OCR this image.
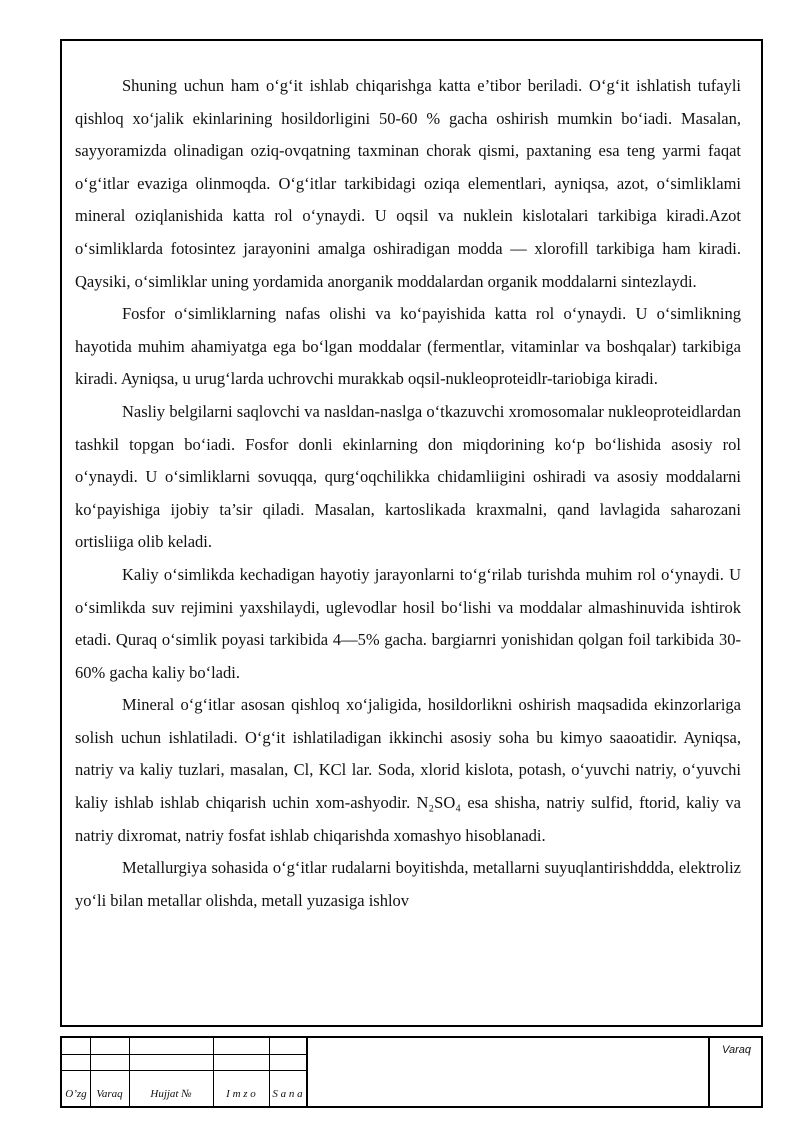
Shuning uchun ham o‘g‘it ishlab chiqarishga katta e’tibor beriladi. O‘g‘it ishlatish tufayli qishloq xo‘jalik ekinlarining hosildorligini 50-60 % gacha oshirish mumkin bo‘iadi. Masalan, sayyoramizda olinadigan oziq-ovqatning taxminan chorak qismi, paxtaning esa teng yarmi faqat o‘g‘itlar evaziga olinmoqda. O‘g‘itlar tarkibidagi oziqa elementlari, ayniqsa, azot, o‘simliklami mineral oziqlanishida katta rol o‘ynaydi. U oqsil va nuklein kislotalari tarkibiga kiradi.Azot o‘simliklarda fotosintez jarayonini amalga oshiradigan modda — xlorofill tarkibiga ham kiradi. Qaysiki, o‘simliklar uning yordamida anorganik moddalardan organik moddalarni sintezlaydi.

Fosfor o‘simliklarning nafas olishi va ko‘payishida katta rol o‘ynaydi. U o‘simlikning hayotida muhim ahamiyatga ega bo‘lgan moddalar (fermentlar, vitaminlar va boshqalar) tarkibiga kiradi. Ayniqsa, u urug‘larda uchrovchi murakkab oqsil-nukleoproteidlr-tariobiga kiradi.

Nasliy belgilarni saqlovchi va nasldan-naslga o‘tkazuvchi xromosomalar nukleoproteidlardan tashkil topgan bo‘iadi. Fosfor donli ekinlarning don miqdorining ko‘p bo‘lishida asosiy rol o‘ynaydi. U o‘simliklarni sovuqqa, qurg‘oqchilikka chidamliigini oshiradi va asosiy moddalarni ko‘payishiga ijobiy ta’sir qiladi. Masalan, kartoslikada kraxmalni, qand lavlagida saharozani ortisliiga olib keladi.

Kaliy o‘simlikda kechadigan hayotiy jarayonlarni to‘g‘rilab turishda muhim rol o‘ynaydi. U o‘simlikda suv rejimini yaxshilaydi, uglevodlar hosil bo‘lishi va moddalar almashinuvida ishtirok etadi. Quraq o‘simlik poyasi tarkibida 4—5% gacha. bargiarnri yonishidan qolgan foil tarkibida 30-60% gacha kaliy bo‘ladi.

Mineral o‘g‘itlar asosan qishloq xo‘jaligida, hosildorlikni oshirish maqsadida ekinzorlariga solish uchun ishlatiladi. O‘g‘it ishlatiladigan ikkinchi asosiy soha bu kimyo saaoatidir. Ayniqsa, natriy va kaliy tuzlari, masalan, Cl, KCl lar. Soda, xlorid kislota, potash, o‘yuvchi natriy, o‘yuvchi kaliy ishlab ishlab chiqarish uchin xom-ashyodir. N₂SO₄ esa shisha, natriy sulfid, ftorid, kaliy va natriy dixromat, natriy fosfat ishlab chiqarishda xomashyo hisoblanadi.

Metallurgiya sohasida o‘g‘itlar rudalarni boyitishda, metallarni suyuqlantirishddda, elektroliz yo‘li bilan metallar olishda, metall yuzasiga ishlov

O’zg Varaq	Hujjat №	I m z o	S a n a
Varaq
